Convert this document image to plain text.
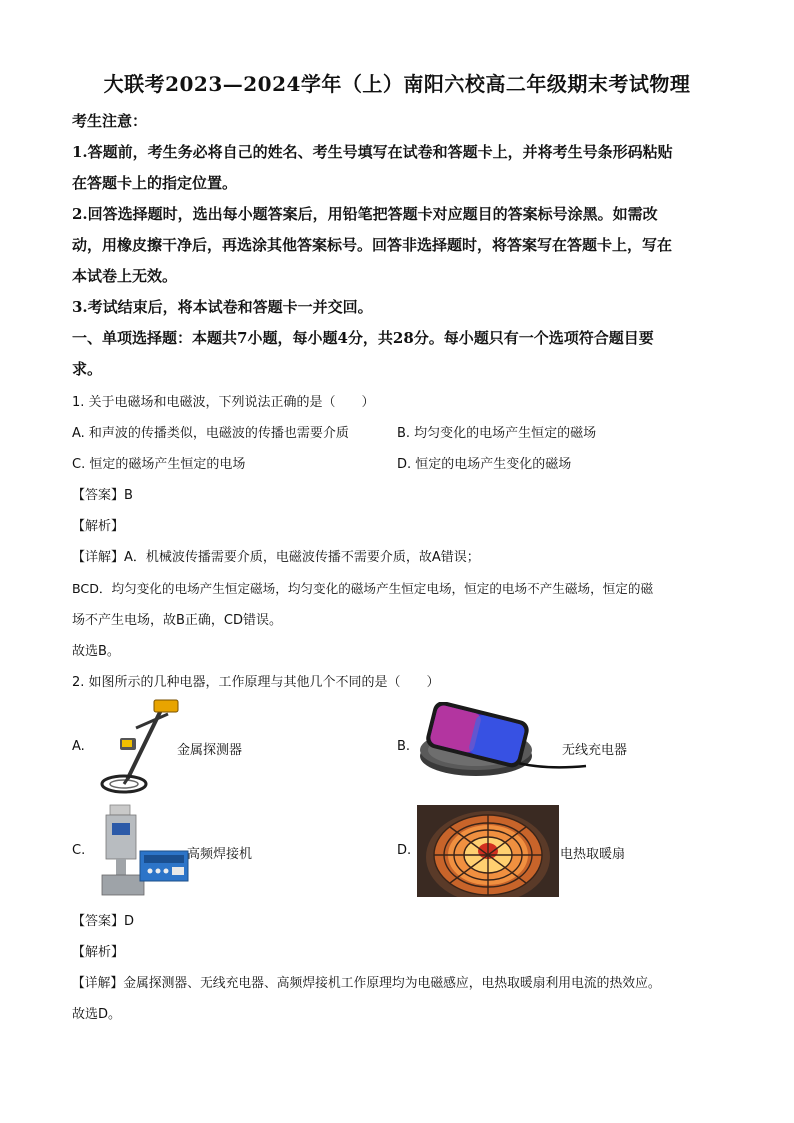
大联考2023—2024学年（上）南阳六校高二年级期末考试物理
考生注意：
1.答题前，考生务必将自己的姓名、考生号填写在试卷和答题卡上，并将考生号条形码粘贴
在答题卡上的指定位置。
2.回答选择题时，选出每小题答案后，用铅笔把答题卡对应题目的答案标号涂黑。如需改
动，用橡皮擦干净后，再选涂其他答案标号。回答非选择题时，将答案写在答题卡上，写在
本试卷上无效。
3.考试结束后，将本试卷和答题卡一并交回。
一、单项选择题：本题共7小题，每小题4分，共28分。每小题只有一个选项符合题目要
求。
1. 关于电磁场和电磁波，下列说法正确的是（　　）
A. 和声波的传播类似，电磁波的传播也需要介质	B. 均匀变化的电场产生恒定的磁场
C. 恒定的磁场产生恒定的电场	D. 恒定的电场产生变化的磁场
【答案】B
【解析】
【详解】A．机械波传播需要介质，电磁波传播不需要介质，故A错误；
BCD．均匀变化的电场产生恒定磁场，均匀变化的磁场产生恒定电场，恒定的电场不产生磁场，恒定的磁
场不产生电场，故B正确，CD错误。
故选B。
2. 如图所示的几种电器，工作原理与其他几个不同的是（　　）
A.	金属探测器	B.	无线充电器
C.	高频焊接机	D.	电热取暖扇
【答案】D
【解析】
【详解】金属探测器、无线充电器、高频焊接机工作原理均为电磁感应，电热取暖扇利用电流的热效应。
故选D。
